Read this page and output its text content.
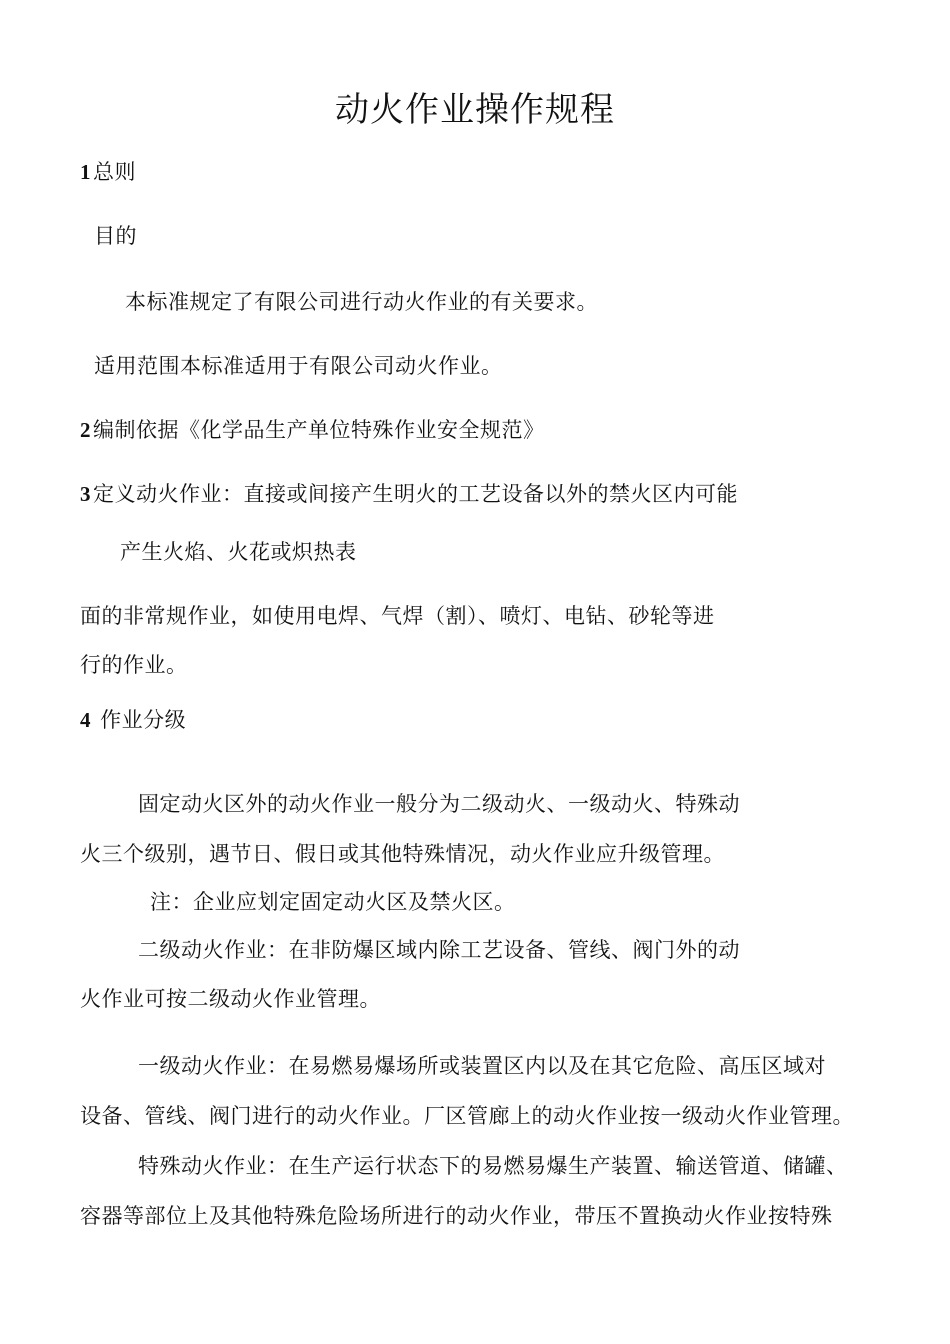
动火作业操作规程
1总则
目的
本标准规定了有限公司进行动火作业的有关要求。
适用范围本标准适用于有限公司动火作业。
2编制依据《化学品生产单位特殊作业安全规范》
3定义动火作业：直接或间接产生明火的工艺设备以外的禁火区内可能
产生火焰、火花或炽热表
面的非常规作业，如使用电焊、气焊（割）、喷灯、电钻、砂轮等进
行的作业。
4 作业分级
固定动火区外的动火作业一般分为二级动火、一级动火、特殊动
火三个级别，遇节日、假日或其他特殊情况，动火作业应升级管理。
注：企业应划定固定动火区及禁火区。
二级动火作业：在非防爆区域内除工艺设备、管线、阀门外的动
火作业可按二级动火作业管理。
一级动火作业：在易燃易爆场所或装置区内以及在其它危险、高压区域对
设备、管线、阀门进行的动火作业。厂区管廊上的动火作业按一级动火作业管理。
特殊动火作业：在生产运行状态下的易燃易爆生产装置、输送管道、储罐、
容器等部位上及其他特殊危险场所进行的动火作业，带压不置换动火作业按特殊
